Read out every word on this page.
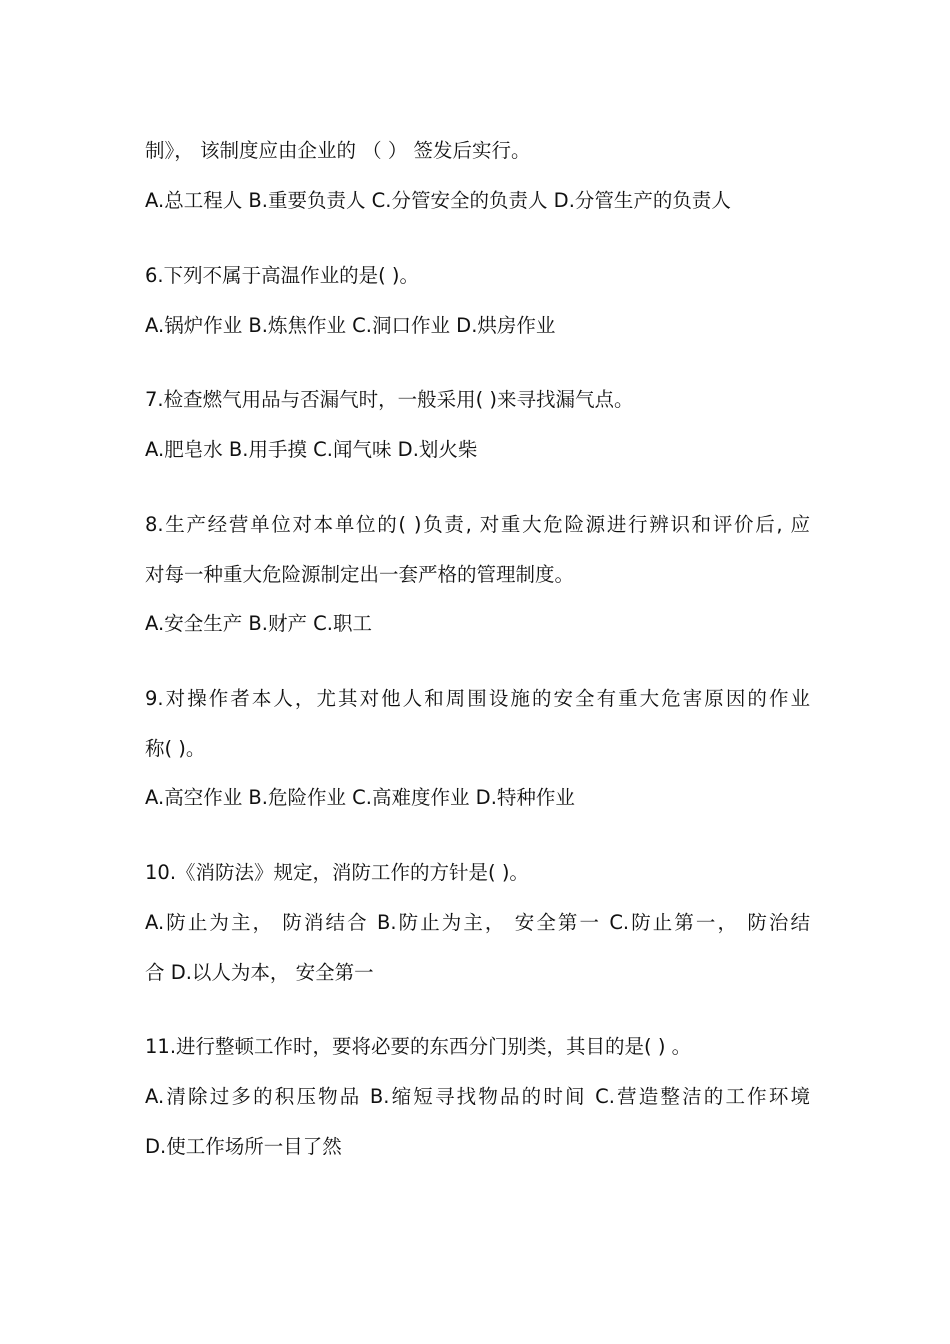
制》， 该制度应由企业的 （ ） 签发后实行。
A.总工程人 B.重要负责人 C.分管安全的负责人 D.分管生产的负责人
6.下列不属于高温作业的是( )。
A.锅炉作业 B.炼焦作业 C.洞口作业 D.烘房作业
7.检查燃气用品与否漏气时，一般采用( )来寻找漏气点。
A.肥皂水 B.用手摸 C.闻气味 D.划火柴
8.生产经营单位对本单位的( )负责, 对重大危险源进行辨识和评价后, 应
对每一种重大危险源制定出一套严格的管理制度。
A.安全生产 B.财产 C.职工
9.对操作者本人，尤其对他人和周围设施的安全有重大危害原因的作业
称( )。
A.高空作业 B.危险作业 C.高难度作业 D.特种作业
10.《消防法》规定，消防工作的方针是( )。
A.防止为主， 防消结合 B.防止为主， 安全第一 C.防止第一， 防治结
合 D.以人为本， 安全第一
11.进行整顿工作时，要将必要的东西分门别类，其目的是( ) 。
A.清除过多的积压物品 B.缩短寻找物品的时间 C.营造整洁的工作环境
D.使工作场所一目了然
